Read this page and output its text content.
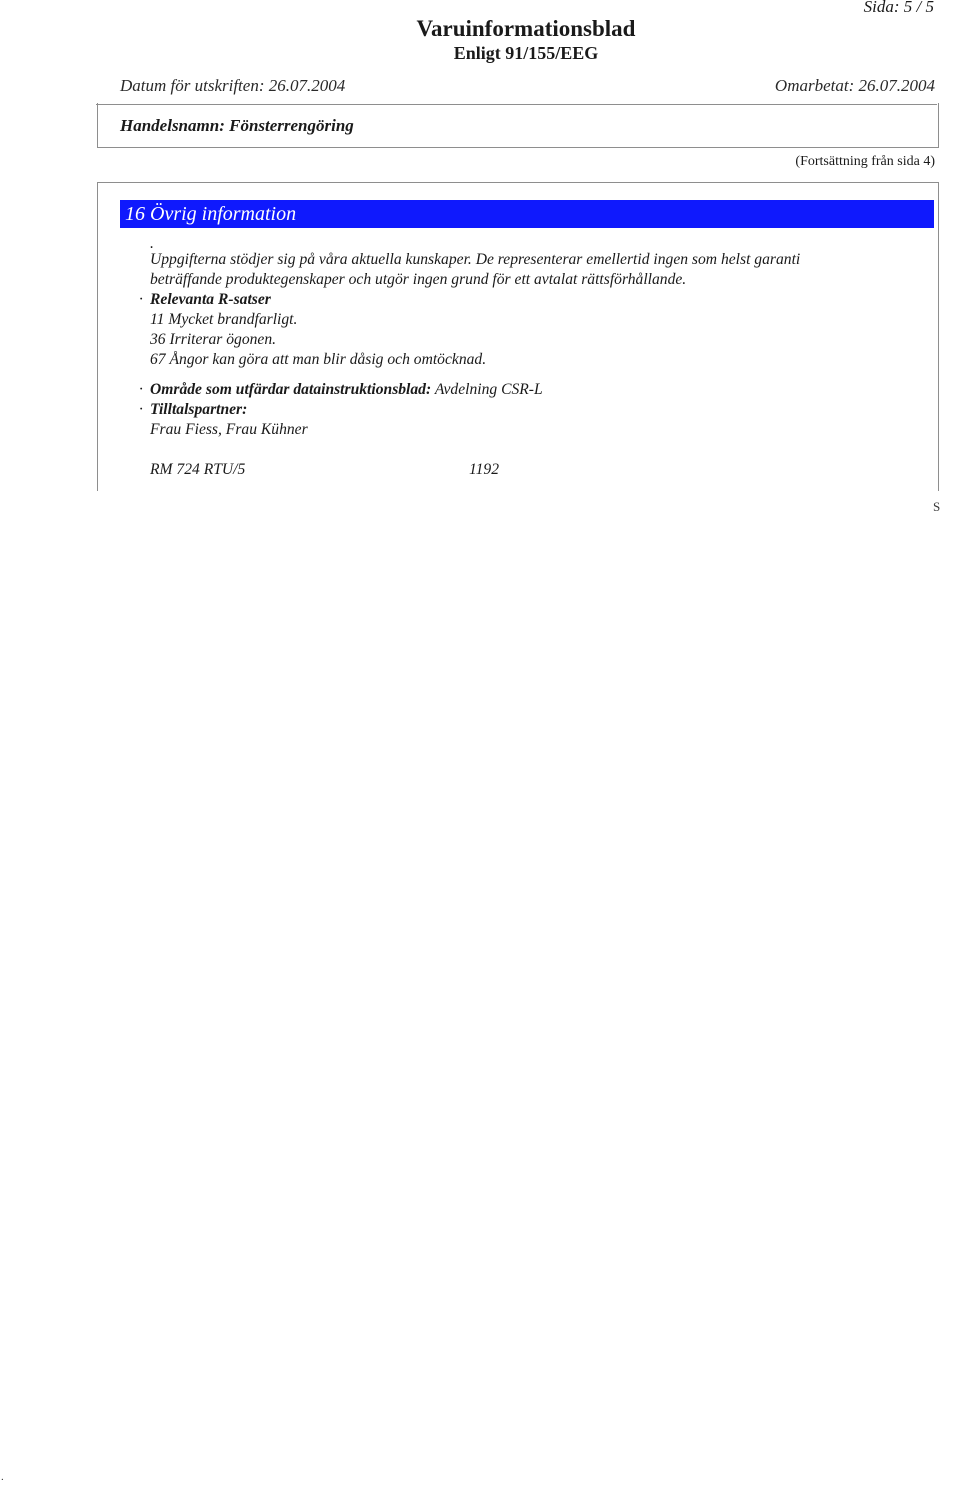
Sida: 5 / 5
Varuinformationsblad
Enligt 91/155/EEG
Datum för utskriften: 26.07.2004	Omarbetat: 26.07.2004
Handelsnamn: Fönsterrengöring
(Fortsättning från sida 4)
16 Övrig information
.
Uppgifterna stödjer sig på våra aktuella kunskaper. De representerar emellertid ingen som helst garanti
beträffande produktegenskaper och utgör ingen grund för ett avtalat rättsförhållande.
· Relevanta R-satser
11 Mycket brandfarligt.
36 Irriterar ögonen.
67 Ångor kan göra att man blir dåsig och omtöcknad.
· Område som utfärdar datainstruktionsblad: Avdelning CSR-L
· Tilltalspartner:
Frau Fiess, Frau Kühner
RM 724 RTU/5	1192
S
.
